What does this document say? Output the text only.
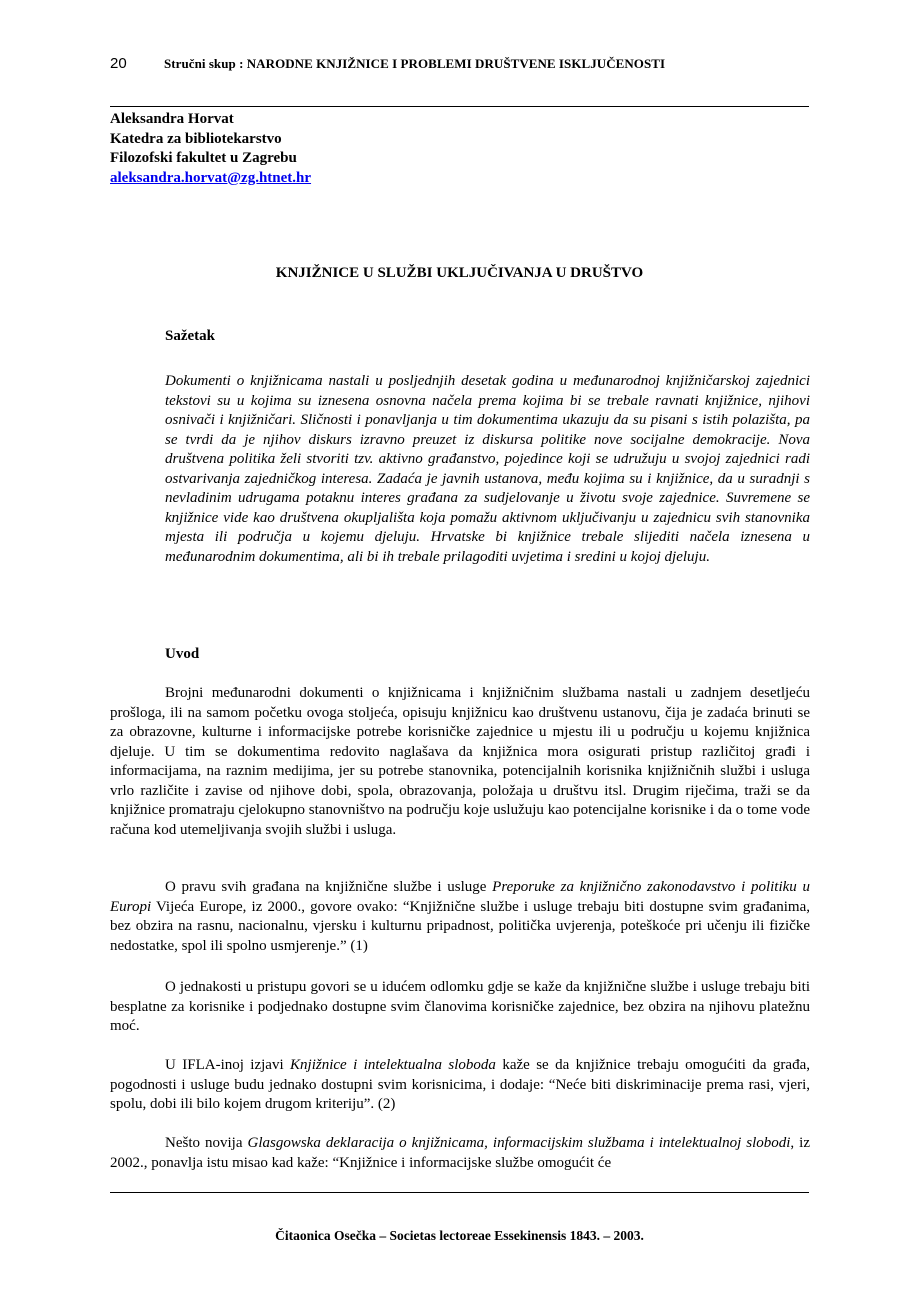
20	Stručni skup : NARODNE KNJIŽNICE I PROBLEMI DRUŠTVENE ISKLJUČENOSTI
Aleksandra Horvat
Katedra za bibliotekarstvo
Filozofski fakultet u Zagrebu
aleksandra.horvat@zg.htnet.hr
KNJIŽNICE U SLUŽBI UKLJUČIVANJA U DRUŠTVO
Sažetak

Dokumenti o knjižnicama nastali u posljednjih desetak godina u međunarodnoj knjižničarskoj zajednici tekstovi su u kojima su iznesena osnovna načela prema kojima bi se trebale ravnati knjižnice, njihovi osnivači i knjižničari. Sličnosti i ponavljanja u tim dokumentima ukazuju da su pisani s istih polazišta, pa se tvrdi da je njihov diskurs izravno preuzet iz diskursa politike nove socijalne demokracije. Nova društvena politika želi stvoriti tzv. aktivno građanstvo, pojedince koji se udružuju u svojoj zajednici radi ostvarivanja zajedničkog interesa. Zadaća je javnih ustanova, među kojima su i knjižnice, da u suradnji s nevladinim udrugama potaknu interes građana za sudjelovanje u životu svoje zajednice. Suvremene se knjižnice vide kao društvena okupljališta koja pomažu aktivnom uključivanju u zajednicu svih stanovnika mjesta ili područja u kojemu djeluju. Hrvatske bi knjižnice trebale slijediti načela iznesena u međunarodnim dokumentima, ali bi ih trebale prilagoditi uvjetima i sredini u kojoj djeluju.

Uvod

Brojni međunarodni dokumenti o knjižnicama i knjižničnim službama nastali u zadnjem desetljeću prošloga, ili na samom početku ovoga stoljeća, opisuju knjižnicu kao društvenu ustanovu, čija je zadaća brinuti se za obrazovne, kulturne i informacijske potrebe korisničke zajednice u mjestu ili u području u kojemu knjižnica djeluje. U tim se dokumentima redovito naglašava da knjižnica mora osigurati pristup različitoj građi i informacijama, na raznim medijima, jer su potrebe stanovnika, potencijalnih korisnika knjižničnih službi i usluga vrlo različite i zavise od njihove dobi, spola, obrazovanja, položaja u društvu itsl. Drugim riječima, traži se da knjižnice promatraju cjelokupno stanovništvo na području koje uslužuju kao potencijalne korisnike i da o tome vode računa kod utemeljivanja svojih službi i usluga.

O pravu svih građana na knjižnične službe i usluge Preporuke za knjižnično zakonodavstvo i politiku u Europi Vijeća Europe, iz 2000., govore ovako: “Knjižnične službe i usluge trebaju biti dostupne svim građanima, bez obzira na rasnu, nacionalnu, vjersku i kulturnu pripadnost, politička uvjerenja, poteškoće pri učenju ili fizičke nedostatke, spol ili spolno usmjerenje.” (1)

O jednakosti u pristupu govori se u idućem odlomku gdje se kaže da knjižnične službe i usluge trebaju biti besplatne za korisnike i podjednako dostupne svim članovima korisničke zajednice, bez obzira na njihovu platežnu moć.

U IFLA-inoj izjavi Knjižnice i intelektualna sloboda kaže se da knjižnice trebaju omogućiti da građa, pogodnosti i usluge budu jednako dostupni svim korisnicima, i dodaje: “Neće biti diskriminacije prema rasi, vjeri, spolu, dobi ili bilo kojem drugom kriteriju”. (2)

Nešto novija Glasgowska deklaracija o knjižnicama, informacijskim službama i intelektualnoj slobodi, iz 2002., ponavlja istu misao kad kaže: “Knjižnice i informacijske službe omogućit će

Čitaonica Osečka – Societas lectoreae Essekinensis 1843. – 2003.
